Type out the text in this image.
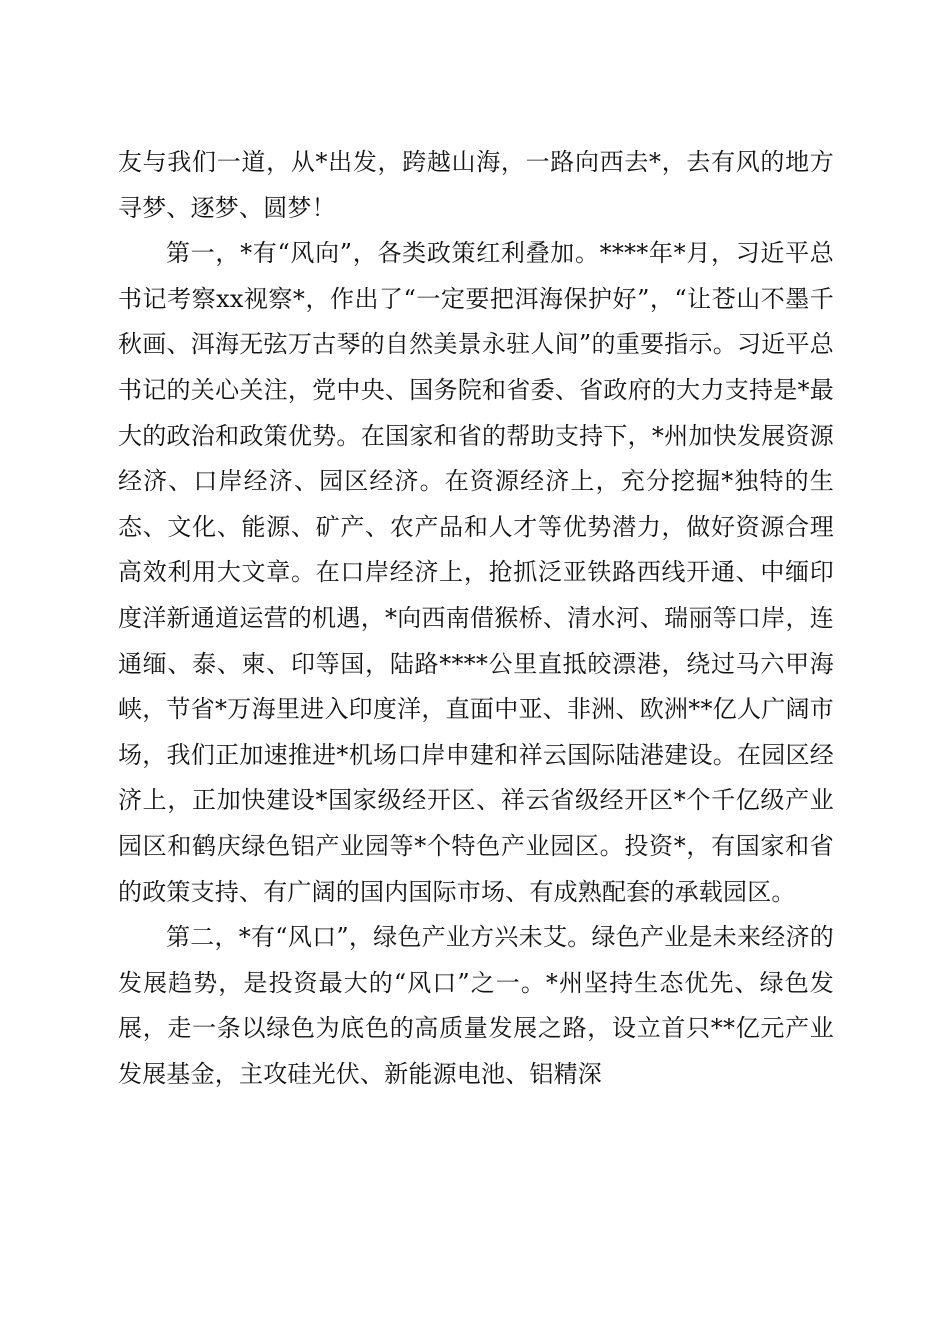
友与我们一道，从*出发，跨越山海，一路向西去*，去有风的地方寻梦、逐梦、圆梦！

第一，*有“风向”，各类政策红利叠加。****年*月，习近平总书记考察xx视察*，作出了“一定要把洱海保护好”，“让苍山不墨千秋画、洱海无弦万古琴的自然美景永驻人间”的重要指示。习近平总书记的关心关注，党中央、国务院和省委、省政府的大力支持是*最大的政治和政策优势。在国家和省的帮助支持下，*州加快发展资源经济、口岸经济、园区经济。在资源经济上，充分挖掘*独特的生态、文化、能源、矿产、农产品和人才等优势潜力，做好资源合理高效利用大文章。在口岸经济上，抢抓泛亚铁路西线开通、中缅印度洋新通道运营的机遇，*向西南借猴桥、清水河、瑞丽等口岸，连通缅、泰、柬、印等国，陆路****公里直抵皎漂港，绕过马六甲海峡，节省*万海里进入印度洋，直面中亚、非洲、欧洲**亿人广阔市场，我们正加速推进*机场口岸申建和祥云国际陆港建设。在园区经济上，正加快建设*国家级经开区、祥云省级经开区*个千亿级产业园区和鹤庆绿色铝产业园等*个特色产业园区。投资*，有国家和省的政策支持、有广阔的国内国际市场、有成熟配套的承载园区。

第二，*有“风口”，绿色产业方兴未艾。绿色产业是未来经济的发展趋势，是投资最大的“风口”之一。*州坚持生态优先、绿色发展，走一条以绿色为底色的高质量发展之路，设立首只**亿元产业发展基金，主攻硅光伏、新能源电池、铝精深
